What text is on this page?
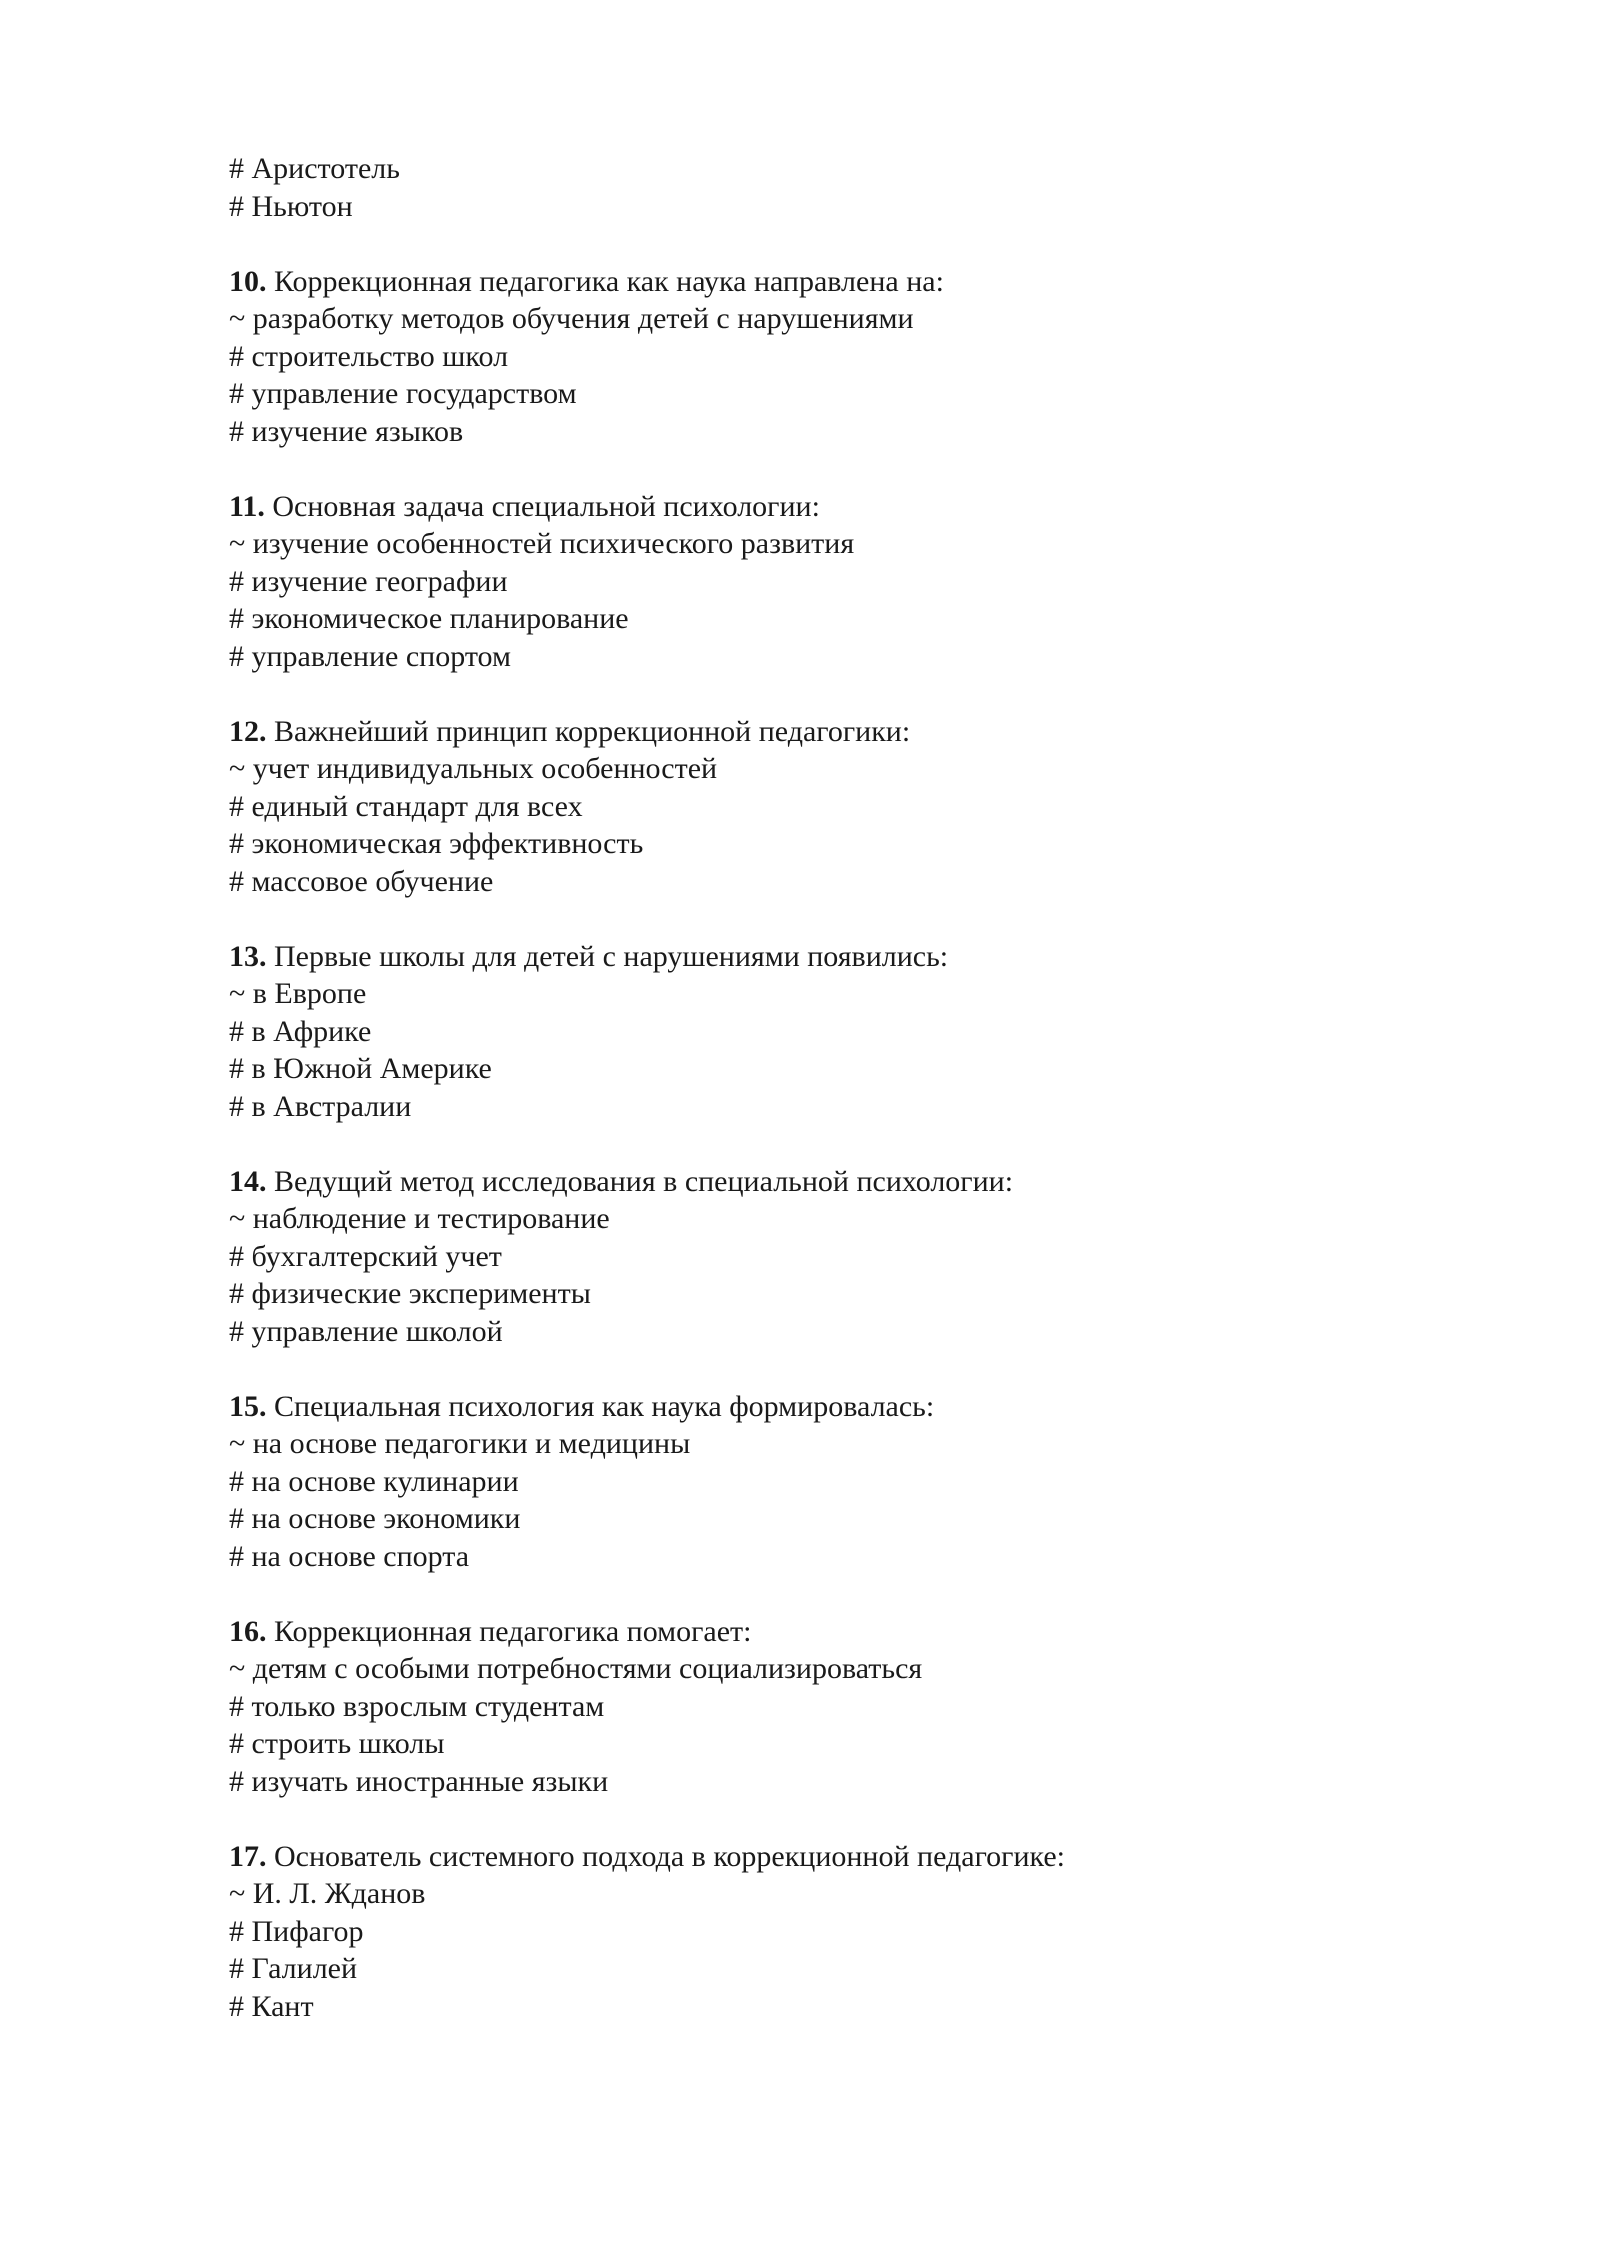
# Аристотель
# Ньютон
10. Коррекционная педагогика как наука направлена на:
~ разработку методов обучения детей с нарушениями
# строительство школ
# управление государством
# изучение языков
11. Основная задача специальной психологии:
~ изучение особенностей психического развития
# изучение географии
# экономическое планирование
# управление спортом
12. Важнейший принцип коррекционной педагогики:
~ учет индивидуальных особенностей
# единый стандарт для всех
# экономическая эффективность
# массовое обучение
13. Первые школы для детей с нарушениями появились:
~ в Европе
# в Африке
# в Южной Америке
# в Австралии
14. Ведущий метод исследования в специальной психологии:
~ наблюдение и тестирование
# бухгалтерский учет
# физические эксперименты
# управление школой
15. Специальная психология как наука формировалась:
~ на основе педагогики и медицины
# на основе кулинарии
# на основе экономики
# на основе спорта
16. Коррекционная педагогика помогает:
~ детям с особыми потребностями социализироваться
# только взрослым студентам
# строить школы
# изучать иностранные языки
17. Основатель системного подхода в коррекционной педагогике:
~ И. Л. Жданов
# Пифагор
# Галилей
# Кант
